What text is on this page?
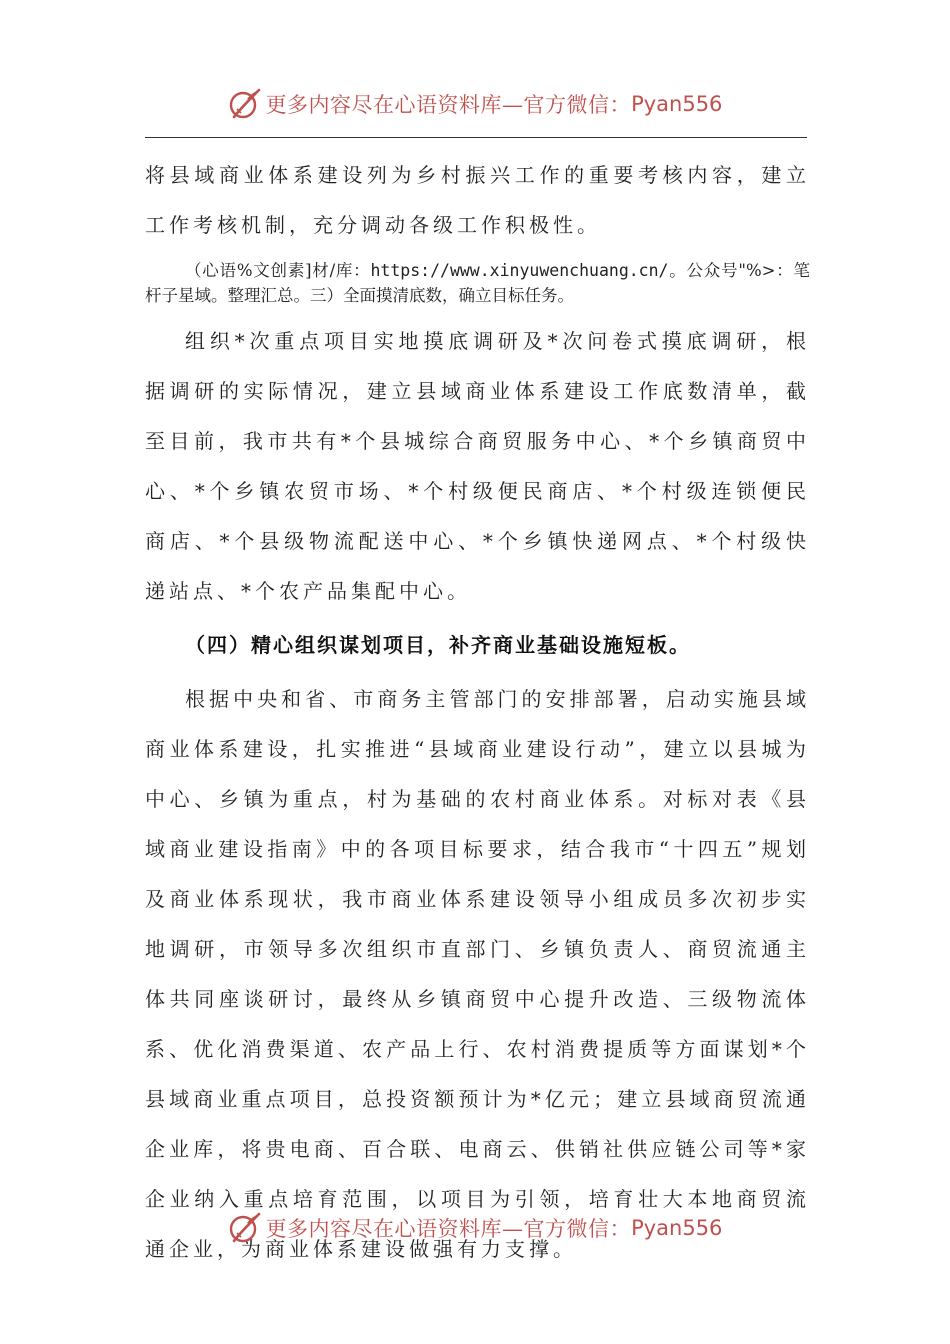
更多内容尽在心语资料库—官方微信： Pyan556

将县域商业体系建设列为乡村振兴工作的重要考核内容，建立工作考核机制，充分调动各级工作积极性。

（心语%文创素]材/库：https://www.xinyuwenchuang.cn/。公众号"%>：笔杆子星域。整理汇总。三）全面摸清底数，确立目标任务。

组织*次重点项目实地摸底调研及*次问卷式摸底调研，根据调研的实际情况，建立县域商业体系建设工作底数清单，截至目前，我市共有*个县城综合商贸服务中心、*个乡镇商贸中心、*个乡镇农贸市场、*个村级便民商店、*个村级连锁便民商店、*个县级物流配送中心、*个乡镇快递网点、*个村级快递站点、*个农产品集配中心。

（四）精心组织谋划项目，补齐商业基础设施短板。

根据中央和省、市商务主管部门的安排部署，启动实施县域商业体系建设，扎实推进“县域商业建设行动”，建立以县城为中心、乡镇为重点，村为基础的农村商业体系。对标对表《县域商业建设指南》中的各项目标要求，结合我市“十四五”规划及商业体系现状，我市商业体系建设领导小组成员多次初步实地调研，市领导多次组织市直部门、乡镇负责人、商贸流通主体共同座谈研讨，最终从乡镇商贸中心提升改造、三级物流体系、优化消费渠道、农产品上行、农村消费提质等方面谋划*个县域商业重点项目，总投资额预计为*亿元；建立县域商贸流通企业库，将贵电商、百合联、电商云、供销社供应链公司等*家企业纳入重点培育范围，以项目为引领，培育壮大本地商贸流通企业，为商业体系建设做强有力支撑。

更多内容尽在心语资料库—官方微信： Pyan556
